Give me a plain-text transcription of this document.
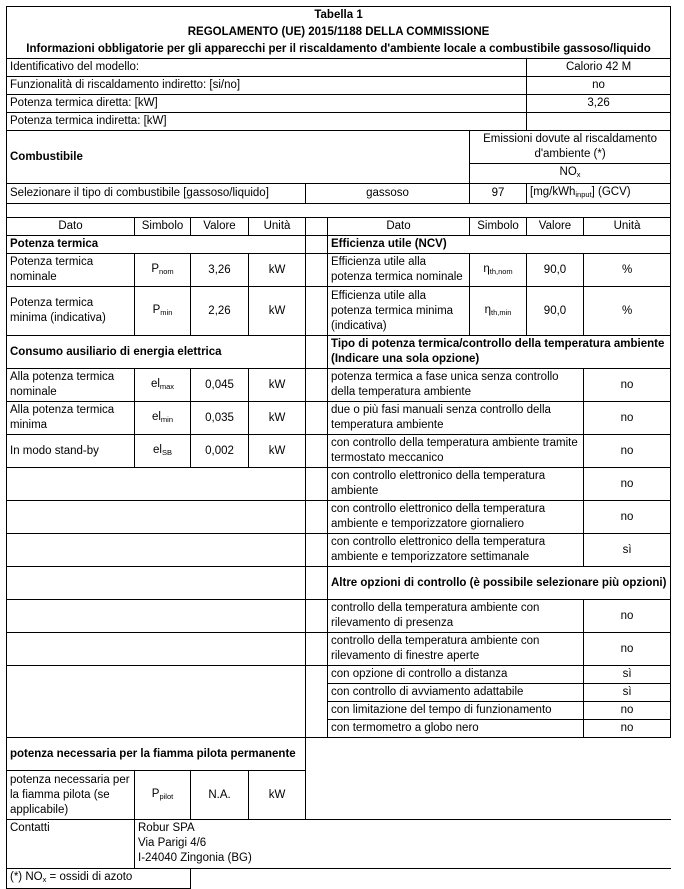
Tabella 1								
REGOLAMENTO (UE) 2015/1188 DELLA COMMISSIONE								
Informazioni obbligatorie per gli apparecchi per il riscaldamento d'ambiente locale a combustibile gassoso/liquido								
Identificativo del modello:							Calorio 42 M	
Funzionalità di riscaldamento indiretto: [si/no]							no	
Potenza termica diretta: [kW]							3,26	
Potenza termica indiretta: [kW]								
Combustibile						Emissioni dovute al riscaldamento d'ambiente (*)		
						$NO_x$
Selezionare il tipo di combustibile [gassoso/liquido]				gassoso		97	[mg/kWh$_{input}$] (GCV)	

Dato	Simbolo	Valore	Unità		Dato	Simbolo	Valore	Unità
Potenza termica					Efficienza utile (NCV)			
Potenza termica nominale	$P_{nom}$	3,26	kW		Efficienza utile alla potenza termica nominale	$\eta_{th,nom}$	90,0	%
Potenza termica minima (indicativa)	$P_{min}$	2,26	kW		Efficienza utile alla potenza termica minima (indicativa)	$\eta_{th,min}$	90,0	%
Consumo ausiliario di energia elettrica					Tipo di potenza termica/controllo della temperatura ambiente (Indicare una sola opzione)			
Alla potenza termica nominale	$el_{max}$	0,045	kW		potenza termica a fase unica senza controllo della temperatura ambiente			no
Alla potenza termica minima	$el_{min}$	0,035	kW		due o più fasi manuali senza controllo della temperatura ambiente			no
In modo stand-by	$el_{SB}$	0,002	kW		con controllo della temperatura ambiente tramite termostato meccanico			no
					con controllo elettronico della temperatura ambiente			no
					con controllo elettronico della temperatura ambiente e temporizzatore giornaliero			no
					con controllo elettronico della temperatura ambiente e temporizzatore settimanale			sì
					Altre opzioni di controllo (è possibile selezionare più opzioni)			
					controllo della temperatura ambiente con rilevamento di presenza			no
					controllo della temperatura ambiente con rilevamento di finestre aperte			no
					con opzione di controllo a distanza			sì
					con controllo di avviamento adattabile			sì
					con limitazione del tempo di funzionamento			no
					con termometro a globo nero			no
potenza necessaria per la fiamma pilota permanente								
potenza necessaria per la fiamma pilota (se applicabile)	$P_{pilot}$	N.A.	kW					
Contatti	Robur SPA
Via Parigi 4/6
I-24040 Zingonia (BG)							

(*) $NO_x$ = ossidi di azoto								
